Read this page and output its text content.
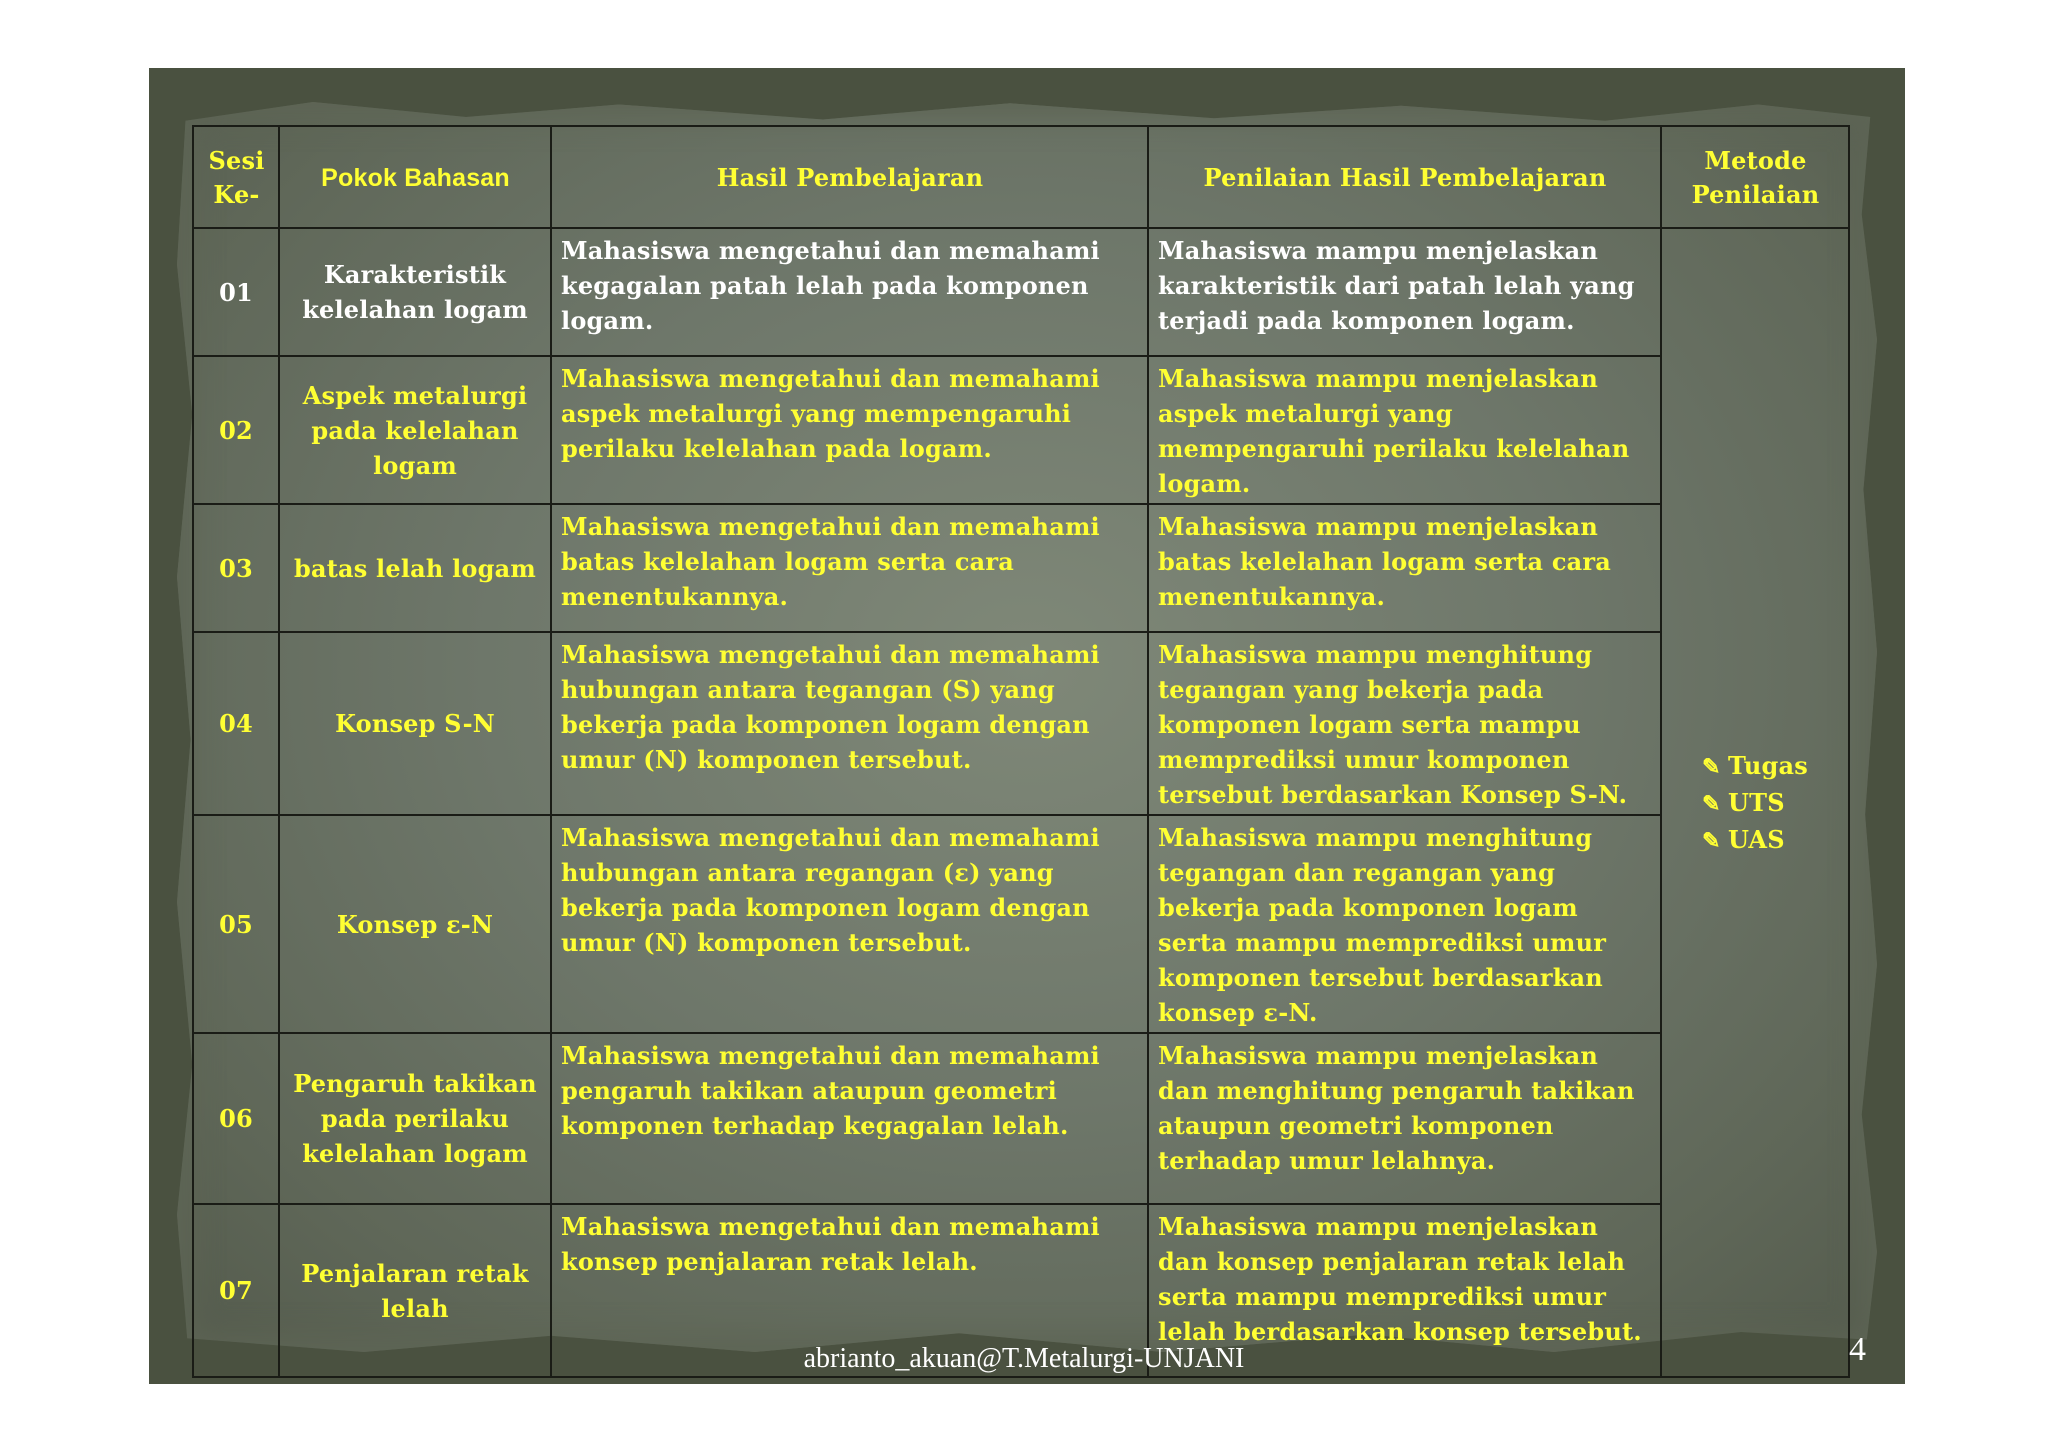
Sesi Ke-	Pokok Bahasan	Hasil Pembelajaran	Penilaian Hasil Pembelajaran	Metode Penilaian
01	Karakteristik kelelahan logam	Mahasiswa mengetahui dan memahami kegagalan patah lelah pada komponen logam.	Mahasiswa mampu menjelaskan karakteristik dari patah lelah yang terjadi pada komponen logam.	✎ Tugas
✎ UTS
✎ UAS

02	Aspek metalurgi pada kelelahan logam	Mahasiswa mengetahui dan memahami aspek metalurgi yang mempengaruhi perilaku kelelahan pada logam.	Mahasiswa mampu menjelaskan aspek metalurgi yang mempengaruhi perilaku kelelahan logam.	
03	batas lelah logam	Mahasiswa mengetahui dan memahami batas kelelahan logam serta cara menentukannya.	Mahasiswa mampu menjelaskan batas kelelahan logam serta cara menentukannya.	
04	Konsep S-N	Mahasiswa mengetahui dan memahami hubungan antara tegangan (S) yang bekerja pada komponen logam dengan umur (N) komponen tersebut.	Mahasiswa mampu menghitung tegangan yang bekerja pada komponen logam serta mampu memprediksi umur komponen tersebut berdasarkan Konsep S-N.	
05	Konsep ε-N	Mahasiswa mengetahui dan memahami hubungan antara regangan (ε) yang bekerja pada komponen logam dengan umur (N) komponen tersebut.	Mahasiswa mampu menghitung tegangan dan regangan yang bekerja pada komponen logam serta mampu memprediksi umur komponen tersebut berdasarkan konsep ε-N.	
06	Pengaruh takikan pada perilaku kelelahan logam	Mahasiswa mengetahui dan memahami pengaruh takikan ataupun geometri komponen terhadap kegagalan lelah.	Mahasiswa mampu menjelaskan dan menghitung pengaruh takikan ataupun geometri komponen terhadap umur lelahnya.	
07	Penjalaran retak lelah	Mahasiswa mengetahui dan memahami konsep penjalaran retak lelah.	Mahasiswa mampu menjelaskan dan konsep penjalaran retak lelah serta mampu memprediksi umur lelah berdasarkan konsep tersebut.	
abrianto_akuan@T.Metalurgi-UNJANI	4
